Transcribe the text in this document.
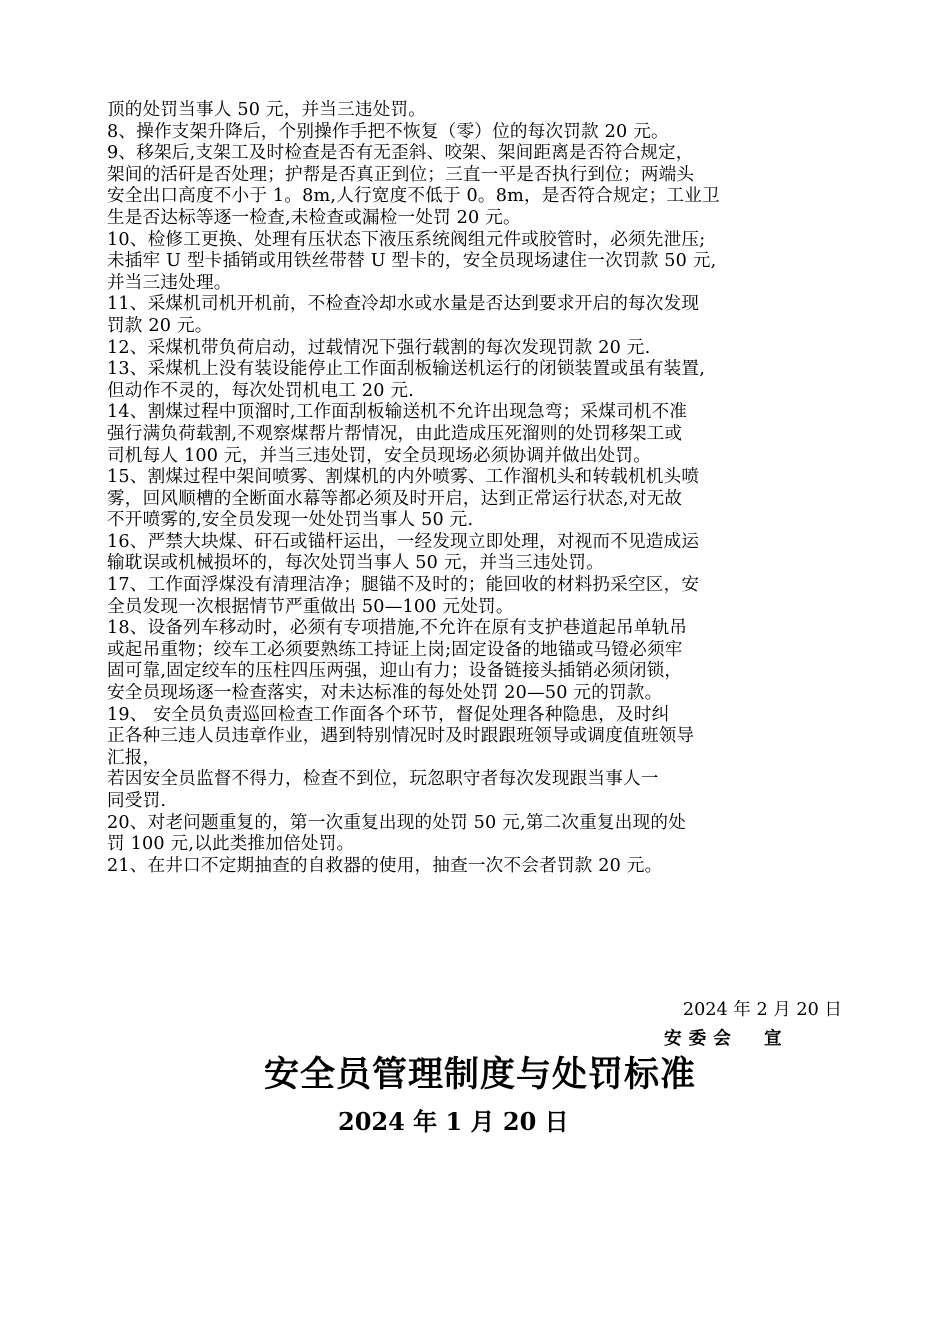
顶的处罚当事人 50 元，并当三违处罚。
8、操作支架升降后，个别操作手把不恢复（零）位的每次罚款 20 元。
9、移架后,支架工及时检查是否有无歪斜、咬架、架间距离是否符合规定，
架间的活矸是否处理；护帮是否真正到位；三直一平是否执行到位；两端头
安全出口高度不小于 1。8m,人行宽度不低于 0。8m，是否符合规定；工业卫
生是否达标等逐一检查,未检查或漏检一处罚 20 元。
10、检修工更换、处理有压状态下液压系统阀组元件或胶管时，必须先泄压;
未插牢 U 型卡插销或用铁丝带替 U 型卡的，安全员现场逮住一次罚款 50 元,
并当三违处理。
11、采煤机司机开机前，不检查冷却水或水量是否达到要求开启的每次发现
罚款 20 元。
12、采煤机带负荷启动，过载情况下强行载割的每次发现罚款 20 元.
13、采煤机上没有装设能停止工作面刮板输送机运行的闭锁装置或虽有装置,
但动作不灵的，每次处罚机电工 20 元.
14、割煤过程中顶溜时,工作面刮板输送机不允许出现急弯；采煤司机不准
强行满负荷载割,不观察煤帮片帮情况，由此造成压死溜则的处罚移架工或
司机每人 100 元，并当三违处罚，安全员现场必须协调并做出处罚。
15、割煤过程中架间喷雾、割煤机的内外喷雾、工作溜机头和转载机机头喷
雾，回风顺槽的全断面水幕等都必须及时开启，达到正常运行状态,对无故
不开喷雾的,安全员发现一处处罚当事人 50 元.
16、严禁大块煤、矸石或锚杆运出，一经发现立即处理，对视而不见造成运
输耽误或机械损坏的，每次处罚当事人 50 元，并当三违处罚。
17、工作面浮煤没有清理洁净；腿锚不及时的；能回收的材料扔采空区，安
全员发现一次根据情节严重做出 50—100 元处罚。
18、设备列车移动时，必须有专项措施,不允许在原有支护巷道起吊单轨吊
或起吊重物；绞车工必须要熟练工持证上岗;固定设备的地锚或马镫必须牢
固可靠,固定绞车的压柱四压两强，迎山有力；设备链接头插销必须闭锁，
安全员现场逐一检查落实，对未达标准的每处处罚 20—50 元的罚款。
19、 安全员负责巡回检查工作面各个环节，督促处理各种隐患，及时纠
正各种三违人员违章作业，遇到特别情况时及时跟跟班领导或调度值班领导
汇报，
若因安全员监督不得力，检查不到位，玩忽职守者每次发现跟当事人一
同受罚.
20、对老问题重复的，第一次重复出现的处罚 50 元,第二次重复出现的处
罚 100 元,以此类推加倍处罚。
21、在井口不定期抽查的自救器的使用，抽查一次不会者罚款 20 元。
2024 年 2 月 20 日
安委会  宣
安全员管理制度与处罚标准
2024 年 1 月 20 日
